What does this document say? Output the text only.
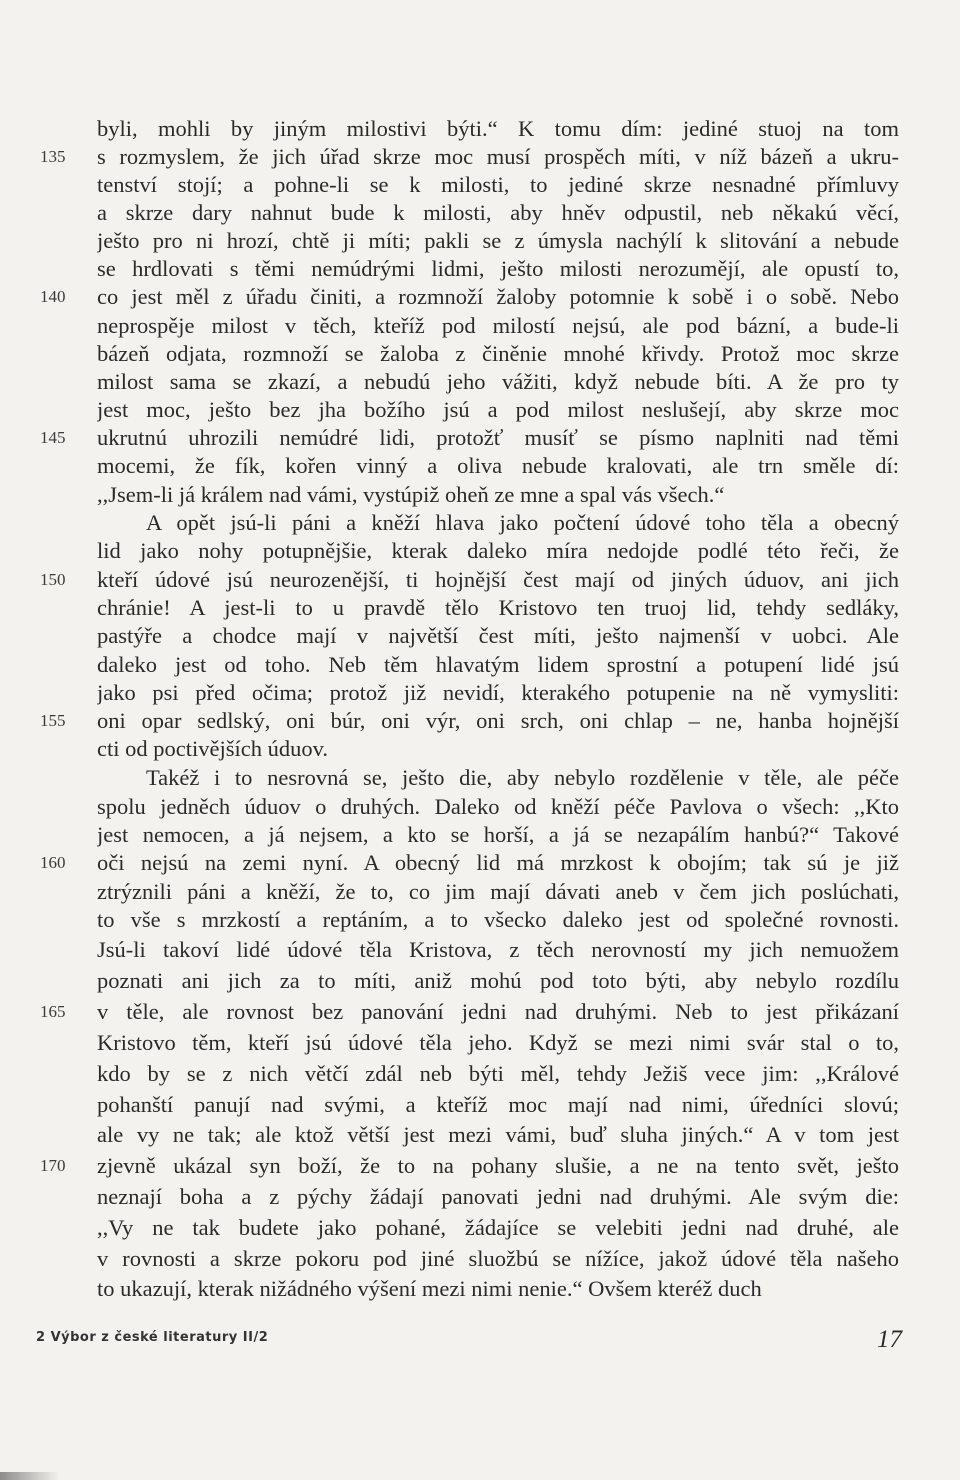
byli, mohli by jiným milostivi býti.“ K tomu dím: jediné stuoj na tom
s rozmyslem, že jich úřad skrze moc musí prospěch míti, v níž bázeň a ukru-
tenství stojí; a pohne-li se k milosti, to jediné skrze nesnadné přímluvy
a skrze dary nahnut bude k milosti, aby hněv odpustil, neb někakú věcí,
ješto pro ni hrozí, chtě ji míti; pakli se z úmysla nachýlí k slitování a nebude
se hrdlovati s těmi nemúdrými lidmi, ješto milosti nerozumějí, ale opustí to,
co jest měl z úřadu činiti, a rozmnoží žaloby potomnie k sobě i o sobě. Nebo
neprospěje milost v těch, kteříž pod milostí nejsú, ale pod bázní, a bude-li
bázeň odjata, rozmnoží se žaloba z činěnie mnohé křivdy. Protož moc skrze
milost sama se zkazí, a nebudú jeho vážiti, když nebude bíti. A že pro ty
jest moc, ješto bez jha božího jsú a pod milost neslušejí, aby skrze moc
ukrutnú uhrozili nemúdré lidi, protožť musíť se písmo naplniti nad těmi
mocemi, že fík, kořen vinný a oliva nebude kralovati, ale trn směle dí:
,,Jsem-li já králem nad vámi, vystúpiž oheň ze mne a spal vás všech.“
A opět jsú-li páni a kněží hlava jako počtení údové toho těla a obecný
lid jako nohy potupnějšie, kterak daleko míra nedojde podlé této řeči, že
kteří údové jsú neurozenější, ti hojnější čest mají od jiných úduov, ani jich
chránie! A jest-li to u pravdě tělo Kristovo ten truoj lid, tehdy sedláky,
pastýře a chodce mají v najvětší čest míti, ješto najmenší v uobci. Ale
daleko jest od toho. Neb těm hlavatým lidem sprostní a potupení lidé jsú
jako psi před očima; protož již nevidí, kterakého potupenie na ně vymysliti:
oni opar sedlský, oni búr, oni výr, oni srch, oni chlap – ne, hanba hojnější
cti od poctivějších úduov.
Takéž i to nesrovná se, ješto die, aby nebylo rozdělenie v těle, ale péče
spolu jedněch úduov o druhých. Daleko od kněží péče Pavlova o všech: ,,Kto
jest nemocen, a já nejsem, a kto se horší, a já se nezapálím hanbú?“ Takové
oči nejsú na zemi nyní. A obecný lid má mrzkost k obojím; tak sú je již
ztrýznili páni a kněží, že to, co jim mají dávati aneb v čem jich poslúchati,
to vše s mrzkostí a reptáním, a to všecko daleko jest od společné rovnosti.
Jsú-li takoví lidé údové těla Kristova, z těch nerovností my jich nemuožem
poznati ani jich za to míti, aniž mohú pod toto býti, aby nebylo rozdílu
v těle, ale rovnost bez panování jedni nad druhými. Neb to jest přikázaní
Kristovo těm, kteří jsú údové těla jeho. Když se mezi nimi svár stal o to,
kdo by se z nich větčí zdál neb býti měl, tehdy Ježiš vece jim: ,,Králové
pohanští panují nad svými, a kteříž moc mají nad nimi, úředníci slovú;
ale vy ne tak; ale ktož větší jest mezi vámi, buď sluha jiných.“ A v tom jest
zjevně ukázal syn boží, že to na pohany slušie, a ne na tento svět, ješto
neznají boha a z pýchy žádají panovati jedni nad druhými. Ale svým die:
,,Vy ne tak budete jako pohané, žádajíce se velebiti jedni nad druhé, ale
v rovnosti a skrze pokoru pod jiné sluožbú se nížíce, jakož údové těla našeho
to ukazují, kterak nižádného výšení mezi nimi nenie.“ Ovšem kteréž duch
135
140
145
150
155
160
165
170
2 Výbor z české literatury II/2	17
